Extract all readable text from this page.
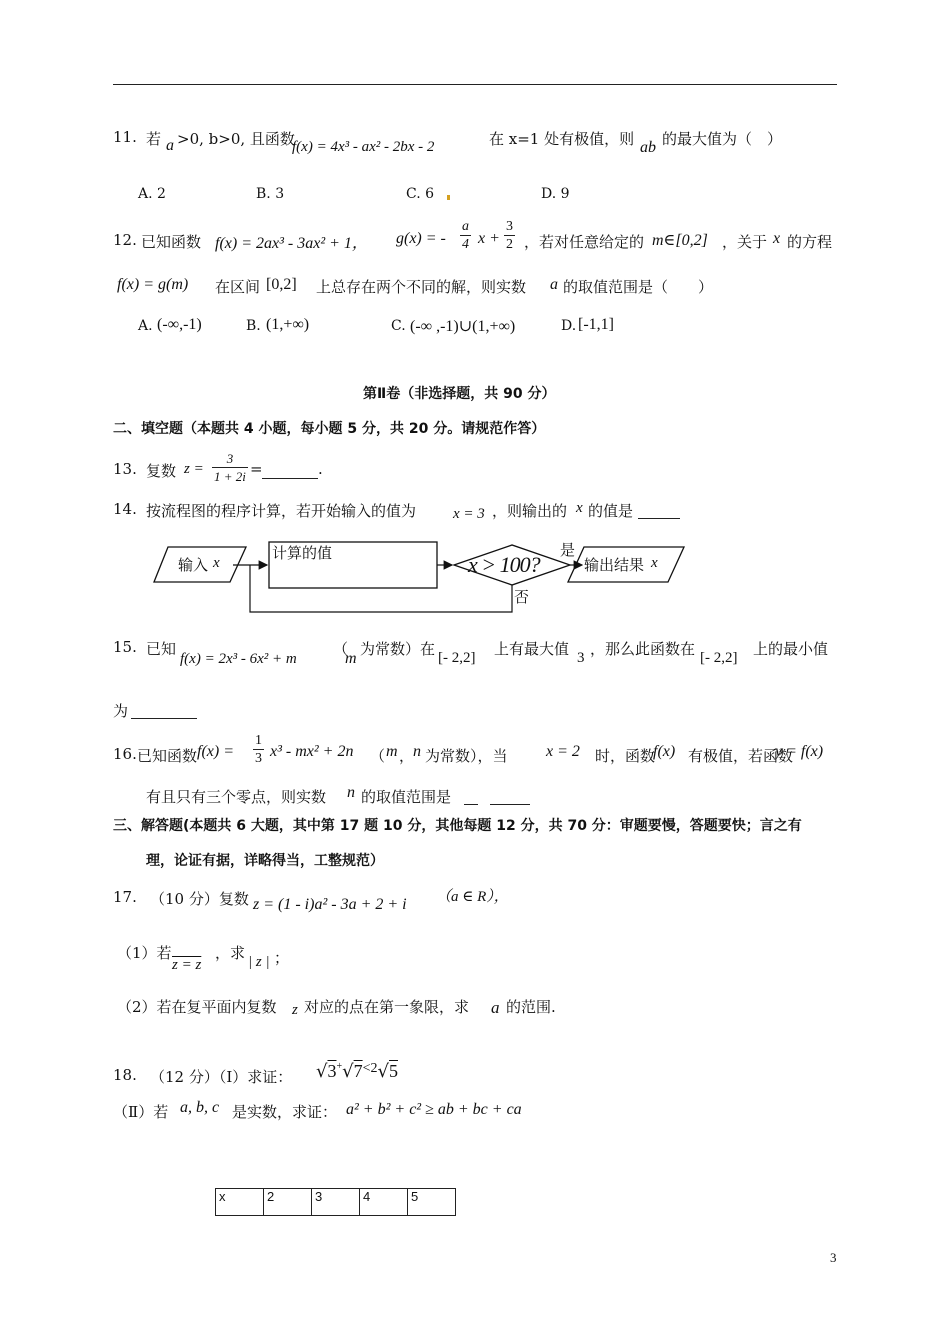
11. 若 a >0, b>0, 且函数
f(x) = 4x³ - ax² - 2bx - 2	在 x=1 处有极值，则 ab 的最大值为（　）
A. 2	B. 3	C. 6	D. 9
12. 已知函数 f(x) = 2ax³ - 3ax² + 1， g(x) = - $\frac{a}{4}$ $x + \frac{3}{2}$ ，若对任意给定的 m∈[0,2] ，关于 x 的方程
f(x) = g(m) 在区间 [0,2] 上总存在两个不同的解，则实数 a 的取值范围是（　　）
A. (-∞,-1)	B. (1,+∞)	C. (-∞ ,-1)∪(1,+∞)	D. [-1,1]
第Ⅱ卷（非选择题，共 90 分）
二、填空题（本题共 4 小题，每小题 5 分，共 20 分。请规范作答）
13. 复数 $z = \frac{3}{1 + 2i}$ =	.
14. 按流程图的程序计算，若开始输入的值为 x = 3 ，则输出的 x 的值是
输入 x
计算的值	x > 100?
是
否
输出结果 x
15. 已知
f(x) = 2x³ - 6x² + m
（
m
为常数）在 [- 2,2] 上有最大值 3 ，那么此函数在 [- 2,2] 上的最小值
为
16. 已知函数 $f(x) = \frac{1}{3} x^3 - mx^2 + 2n$ （ m ，
n 为常数），当 x = 2 时，函数
f(x) 有极值，若函数
y = f(x)
有且只有三个零点，则实数 n 的取值范围是
三、解答题(本题共 6 大题，其中第 17 题 10 分，其他每题 12 分，共 70 分：审题要慢，答题要快；言之有
理，论证有据，详略得当，工整规范）
17. （10 分）复数 z = (1 - i)a² - 3a + 2 + i （a ∈ R），
（1）若
z = z
，求 | z | ；
（2）若在复平面内复数 z 对应的点在第一象限，求 a 的范围.
18. （12 分）（Ⅰ）求证： √3+√7<2√5
（Ⅱ）若 a, b, c 是实数，求证： a² + b² + c² ≥ ab + bc + ca
x	2	3	4	5
3
